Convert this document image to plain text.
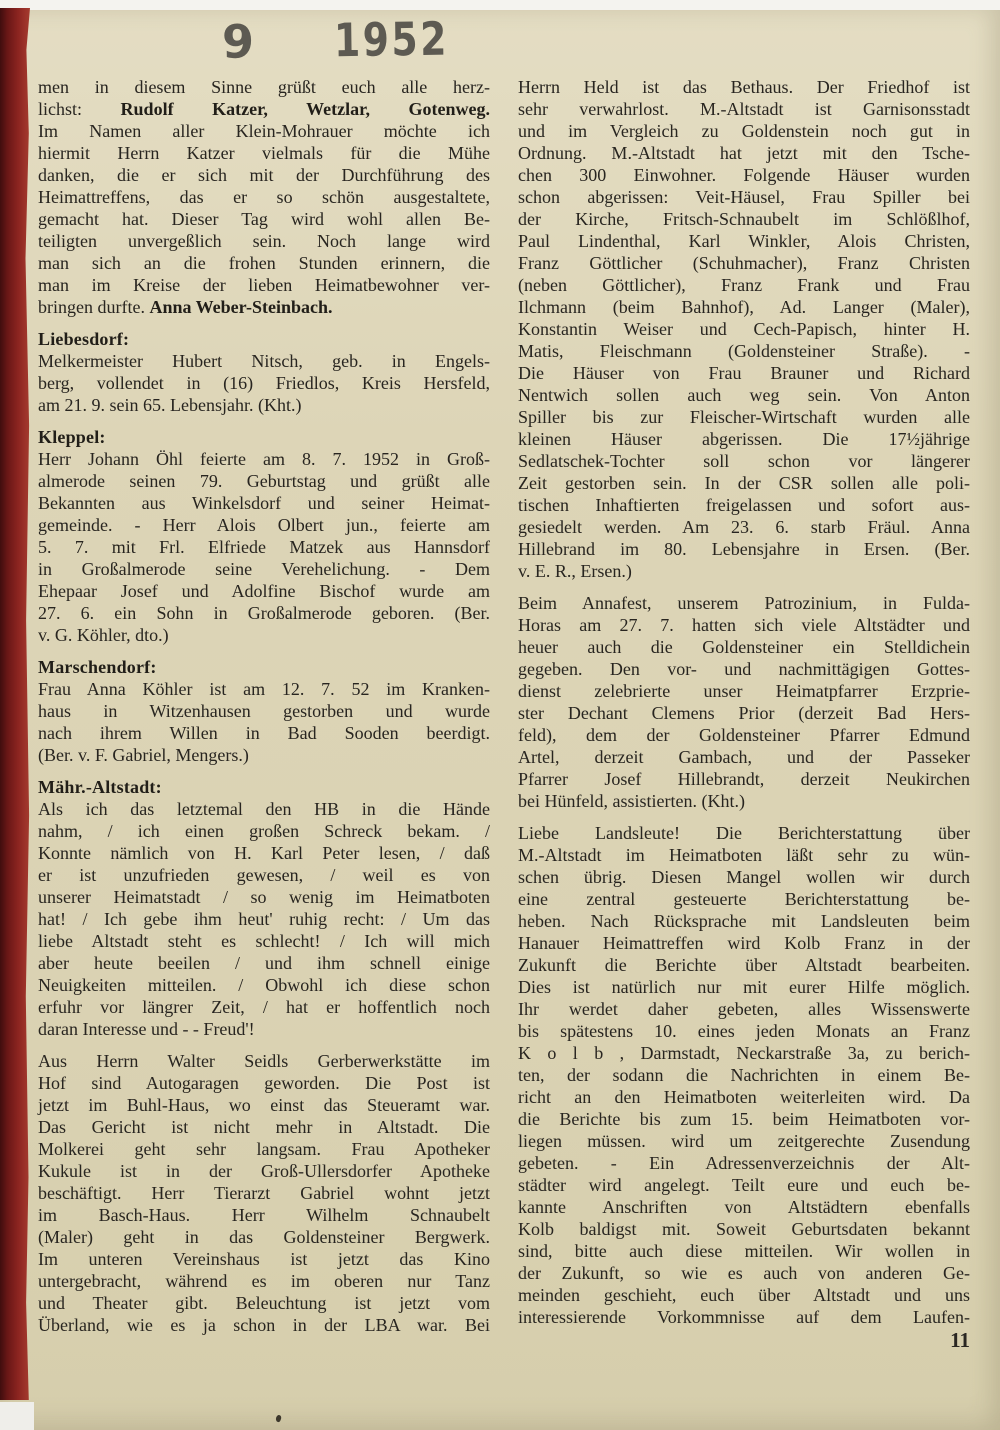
9 1952
men in diesem Sinne grüßt euch alle herz-
lichst: Rudolf Katzer, Wetzlar, Gotenweg.
Im Namen aller Klein-Mohrauer möchte ich
hiermit Herrn Katzer vielmals für die Mühe
danken, die er sich mit der Durchführung des
Heimattreffens, das er so schön ausgestaltete,
gemacht hat. Dieser Tag wird wohl allen Be-
teiligten unvergeßlich sein. Noch lange wird
man sich an die frohen Stunden erinnern, die
man im Kreise der lieben Heimatbewohner ver-
bringen durfte. Anna Weber-Steinbach.
Liebesdorf:
Melkermeister Hubert Nitsch, geb. in Engels-
berg, vollendet in (16) Friedlos, Kreis Hersfeld,
am 21. 9. sein 65. Lebensjahr. (Kht.)
Kleppel:
Herr Johann Öhl feierte am 8. 7. 1952 in Groß-
almerode seinen 79. Geburtstag und grüßt alle
Bekannten aus Winkelsdorf und seiner Heimat-
gemeinde. - Herr Alois Olbert jun., feierte am
5. 7. mit Frl. Elfriede Matzek aus Hannsdorf
in Großalmerode seine Verehelichung. - Dem
Ehepaar Josef und Adolfine Bischof wurde am
27. 6. ein Sohn in Großalmerode geboren. (Ber.
v. G. Köhler, dto.)
Marschendorf:
Frau Anna Köhler ist am 12. 7. 52 im Kranken-
haus in Witzenhausen gestorben und wurde
nach ihrem Willen in Bad Sooden beerdigt.
(Ber. v. F. Gabriel, Mengers.)
Mähr.-Altstadt:
Als ich das letztemal den HB in die Hände
nahm, / ich einen großen Schreck bekam. /
Konnte nämlich von H. Karl Peter lesen, / daß
er ist unzufrieden gewesen, / weil es von
unserer Heimatstadt / so wenig im Heimatboten
hat! / Ich gebe ihm heut' ruhig recht: / Um das
liebe Altstadt steht es schlecht! / Ich will mich
aber heute beeilen / und ihm schnell einige
Neuigkeiten mitteilen. / Obwohl ich diese schon
erfuhr vor längrer Zeit, / hat er hoffentlich noch
daran Interesse und - - Freud'!
Aus Herrn Walter Seidls Gerberwerkstätte im
Hof sind Autogaragen geworden. Die Post ist
jetzt im Buhl-Haus, wo einst das Steueramt war.
Das Gericht ist nicht mehr in Altstadt. Die
Molkerei geht sehr langsam. Frau Apotheker
Kukule ist in der Groß-Ullersdorfer Apotheke
beschäftigt. Herr Tierarzt Gabriel wohnt jetzt
im Basch-Haus. Herr Wilhelm Schnaubelt
(Maler) geht in das Goldensteiner Bergwerk.
Im unteren Vereinshaus ist jetzt das Kino
untergebracht, während es im oberen nur Tanz
und Theater gibt. Beleuchtung ist jetzt vom
Überland, wie es ja schon in der LBA war. Bei
Herrn Held ist das Bethaus. Der Friedhof ist
sehr verwahrlost. M.-Altstadt ist Garnisonsstadt
und im Vergleich zu Goldenstein noch gut in
Ordnung. M.-Altstadt hat jetzt mit den Tsche-
chen 300 Einwohner. Folgende Häuser wurden
schon abgerissen: Veit-Häusel, Frau Spiller bei
der Kirche, Fritsch-Schnaubelt im Schlößlhof,
Paul Lindenthal, Karl Winkler, Alois Christen,
Franz Göttlicher (Schuhmacher), Franz Christen
(neben Göttlicher), Franz Frank und Frau
Ilchmann (beim Bahnhof), Ad. Langer (Maler),
Konstantin Weiser und Cech-Papisch, hinter H.
Matis, Fleischmann (Goldensteiner Straße). -
Die Häuser von Frau Brauner und Richard
Nentwich sollen auch weg sein. Von Anton
Spiller bis zur Fleischer-Wirtschaft wurden alle
kleinen Häuser abgerissen. Die 17½jährige
Sedlatschek-Tochter soll schon vor längerer
Zeit gestorben sein. In der CSR sollen alle poli-
tischen Inhaftierten freigelassen und sofort aus-
gesiedelt werden. Am 23. 6. starb Fräul. Anna
Hillebrand im 80. Lebensjahre in Ersen. (Ber.
v. E. R., Ersen.)
Beim Annafest, unserem Patrozinium, in Fulda-
Horas am 27. 7. hatten sich viele Altstädter und
heuer auch die Goldensteiner ein Stelldichein
gegeben. Den vor- und nachmittägigen Gottes-
dienst zelebrierte unser Heimatpfarrer Erzprie-
ster Dechant Clemens Prior (derzeit Bad Hers-
feld), dem der Goldensteiner Pfarrer Edmund
Artel, derzeit Gambach, und der Passeker
Pfarrer Josef Hillebrandt, derzeit Neukirchen
bei Hünfeld, assistierten. (Kht.)
Liebe Landsleute! Die Berichterstattung über
M.-Altstadt im Heimatboten läßt sehr zu wün-
schen übrig. Diesen Mangel wollen wir durch
eine zentral gesteuerte Berichterstattung be-
heben. Nach Rücksprache mit Landsleuten beim
Hanauer Heimattreffen wird Kolb Franz in der
Zukunft die Berichte über Altstadt bearbeiten.
Dies ist natürlich nur mit eurer Hilfe möglich.
Ihr werdet daher gebeten, alles Wissenswerte
bis spätestens 10. eines jeden Monats an Franz
K o l b , Darmstadt, Neckarstraße 3a, zu berich-
ten, der sodann die Nachrichten in einem Be-
richt an den Heimatboten weiterleiten wird. Da
die Berichte bis zum 15. beim Heimatboten vor-
liegen müssen. wird um zeitgerechte Zusendung
gebeten. - Ein Adressenverzeichnis der Alt-
städter wird angelegt. Teilt eure und euch be-
kannte Anschriften von Altstädtern ebenfalls
Kolb baldigst mit. Soweit Geburtsdaten bekannt
sind, bitte auch diese mitteilen. Wir wollen in
der Zukunft, so wie es auch von anderen Ge-
meinden geschieht, euch über Altstadt und uns
interessierende Vorkommnisse auf dem Laufen-
11
